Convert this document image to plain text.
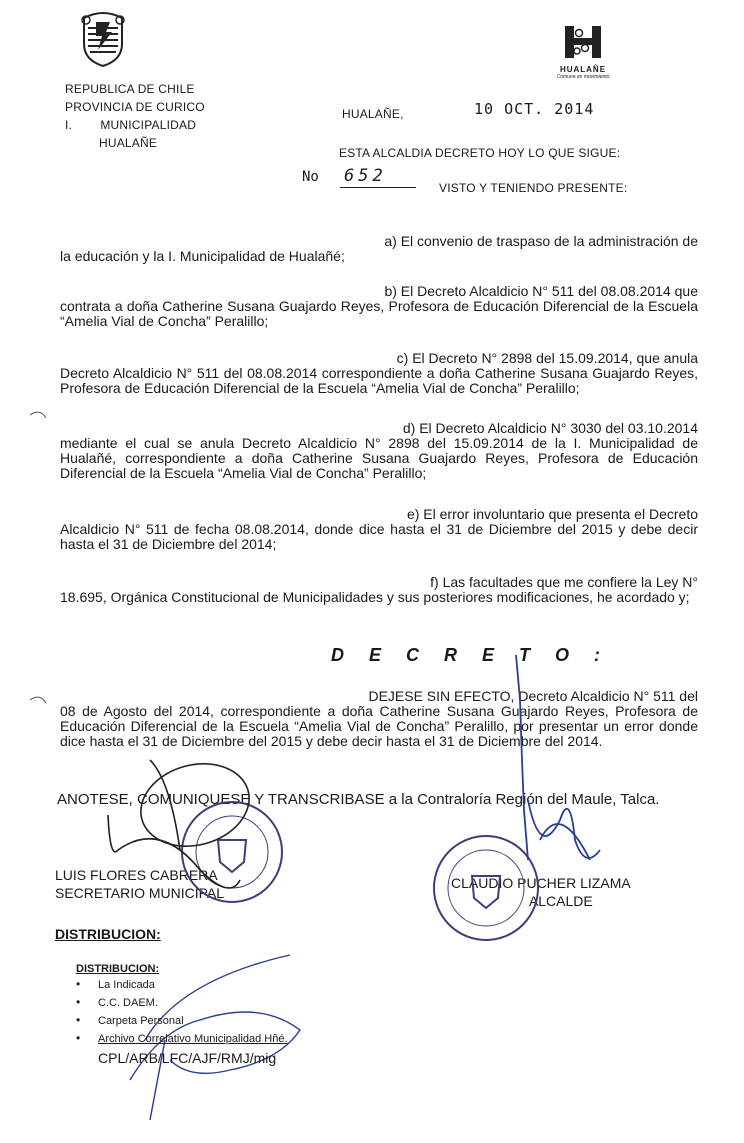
HUALAÑE
Comuna en movimiento
REPUBLICA DE CHILE
PROVINCIA DE CURICO
I.        MUNICIPALIDAD
HUALAÑE
HUALAÑE,	10 OCT. 2014
ESTA ALCALDIA DECRETO HOY LO QUE SIGUE:
No 652
VISTO Y TENIENDO PRESENTE:
a) El convenio de traspaso de la administración de
la educación y la I. Municipalidad de Hualañé;
b) El Decreto Alcaldicio N° 511 del 08.08.2014 que
contrata a doña Catherine Susana Guajardo Reyes, Profesora de Educación Diferencial de la Escuela “Amelia Vial de Concha” Peralillo;
c) El Decreto N° 2898 del 15.09.2014, que anula
Decreto Alcaldicio N° 511 del 08.08.2014 correspondiente a doña Catherine Susana Guajardo Reyes, Profesora de Educación Diferencial de la Escuela “Amelia Vial de Concha” Peralillo;
d) El Decreto Alcaldicio N° 3030 del 03.10.2014
mediante el cual se anula Decreto Alcaldicio N° 2898 del 15.09.2014 de la I. Municipalidad de Hualañé, correspondiente a doña Catherine Susana Guajardo Reyes, Profesora de Educación Diferencial de la Escuela “Amelia Vial de Concha” Peralillo;
e) El error involuntario que presenta el Decreto
Alcaldicio N° 511 de fecha 08.08.2014, donde dice hasta el 31 de Diciembre del 2015 y debe decir hasta el 31 de Diciembre del 2014;
f) Las facultades que me confiere la Ley N°
18.695, Orgánica Constitucional de Municipalidades y sus posteriores modificaciones, he acordado y;
D E C R E T O :
DEJESE SIN EFECTO, Decreto Alcaldicio N° 511 del
08 de Agosto del 2014, correspondiente a doña Catherine Susana Guajardo Reyes, Profesora de Educación Diferencial de la Escuela “Amelia Vial de Concha” Peralillo, por presentar un error donde dice hasta el 31 de Diciembre del 2015 y debe decir hasta el 31 de Diciembre del 2014.
ANOTESE, COMUNIQUESE Y TRANSCRIBASE a la Contraloría Región del Maule, Talca.
LUIS FLORES CABRERA
SECRETARIO MUNICIPAL
CLAUDIO PUCHER LIZAMA
ALCALDE
DISTRIBUCION:
DISTRIBUCION:
• La Indicada
• C.C. DAEM.
• Carpeta Personal
• Archivo Correlativo Municipalidad Hñé.
CPL/ARB/LFC/AJF/RMJ/mig
